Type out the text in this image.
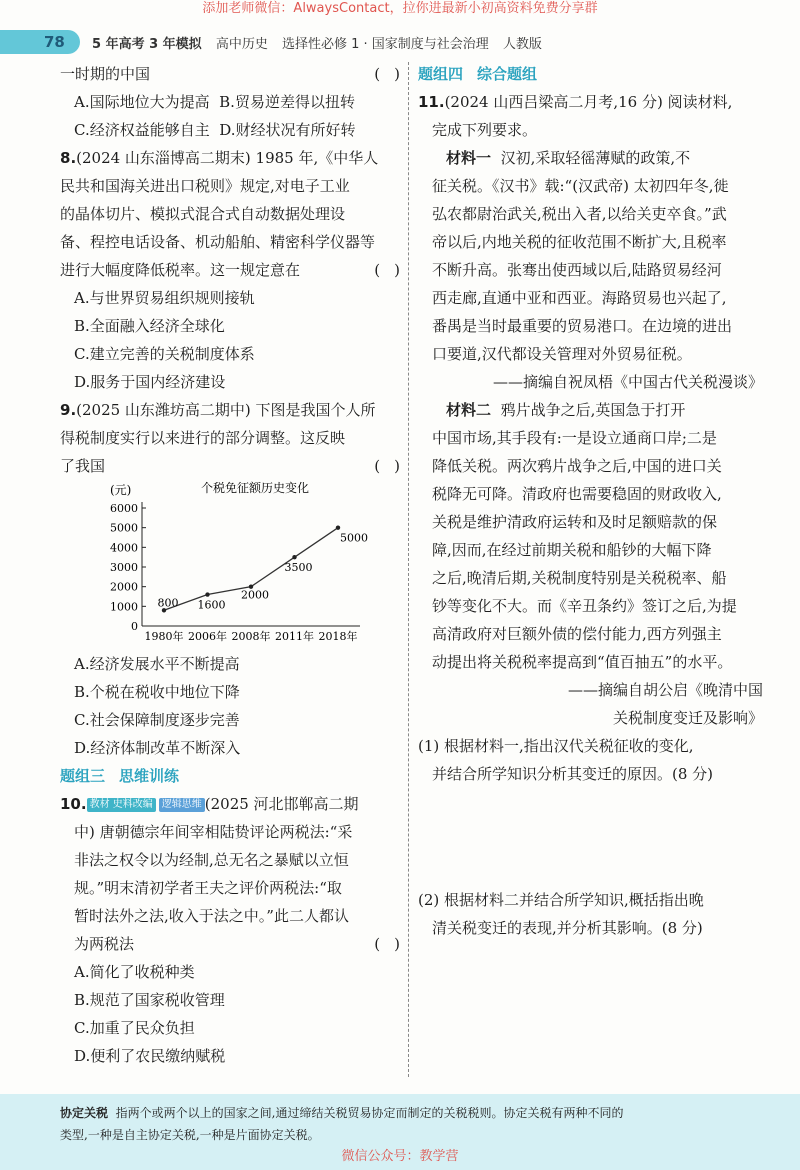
添加老师微信：AlwaysContact，拉你进最新小初高资料免费分享群
78 5 年高考 3 年模拟 高中历史 选择性必修 1 · 国家制度与社会治理 人教版
一时期的中国	()
A.国际地位大为提高 B.贸易逆差得以扭转
C.经济权益能够自主 D.财经状况有所好转
8.(2024 山东淄博高二期末) 1985 年,《中华人
民共和国海关进出口税则》规定,对电子工业
的晶体切片、模拟式混合式自动数据处理设
备、程控电话设备、机动船舶、精密科学仪器等
进行大幅度降低税率。这一规定意在	()
A.与世界贸易组织规则接轨
B.全面融入经济全球化
C.建立完善的关税制度体系
D.服务于国内经济建设
9.(2025 山东潍坊高二期中) 下图是我国个人所
得税制度实行以来进行的部分调整。这反映
了我国	()
个税免征额历史变化
(元)
0
1000
2000
3000
4000
5000
6000
1980年 2006年 2008年 2011年 2018年
800 1600
2000
3500
5000
A.经济发展水平不断提高
B.个税在税收中地位下降
C.社会保障制度逐步完善
D.经济体制改革不断深入
题组三 思维训练
10. 教材 史料改编 逻辑思维 (2025 河北邯郸高二期
中) 唐朝德宗年间宰相陆贽评论两税法:“采
非法之权令以为经制,总无名之暴赋以立恒
规。”明末清初学者王夫之评价两税法:“取
暂时法外之法,收入于法之中。”此二人都认
为两税法	()
A.简化了收税种类
B.规范了国家税收管理
C.加重了民众负担
D.便利了农民缴纳赋税
题组四 综合题组
11.(2024 山西吕梁高二月考,16 分) 阅读材料,
完成下列要求。
材料一 汉初,采取轻徭薄赋的政策,不
征关税。《汉书》载:“(汉武帝) 太初四年冬,徙
弘农都尉治武关,税出入者,以给关吏卒食。”武
帝以后,内地关税的征收范围不断扩大,且税率
不断升高。张骞出使西域以后,陆路贸易经河
西走廊,直通中亚和西亚。海路贸易也兴起了,
番禺是当时最重要的贸易港口。在边境的进出
口要道,汉代都设关管理对外贸易征税。
——摘编自祝凤梧《中国古代关税漫谈》
材料二 鸦片战争之后,英国急于打开
中国市场,其手段有:一是设立通商口岸;二是
降低关税。两次鸦片战争之后,中国的进口关
税降无可降。清政府也需要稳固的财政收入,
关税是维护清政府运转和及时足额赔款的保
障,因而,在经过前期关税和船钞的大幅下降
之后,晚清后期,关税制度特别是关税税率、船
钞等变化不大。而《辛丑条约》签订之后,为提
高清政府对巨额外债的偿付能力,西方列强主
动提出将关税税率提高到“值百抽五”的水平。
——摘编自胡公启《晚清中国
关税制度变迁及影响》
(1) 根据材料一,指出汉代关税征收的变化,
并结合所学知识分析其变迁的原因。(8 分)
(2) 根据材料二并结合所学知识,概括指出晚
清关税变迁的表现,并分析其影响。(8 分)
协定关税 指两个或两个以上的国家之间,通过缔结关税贸易协定而制定的关税税则。协定关税有两种不同的
类型,一种是自主协定关税,一种是片面协定关税。
微信公众号：教学营
